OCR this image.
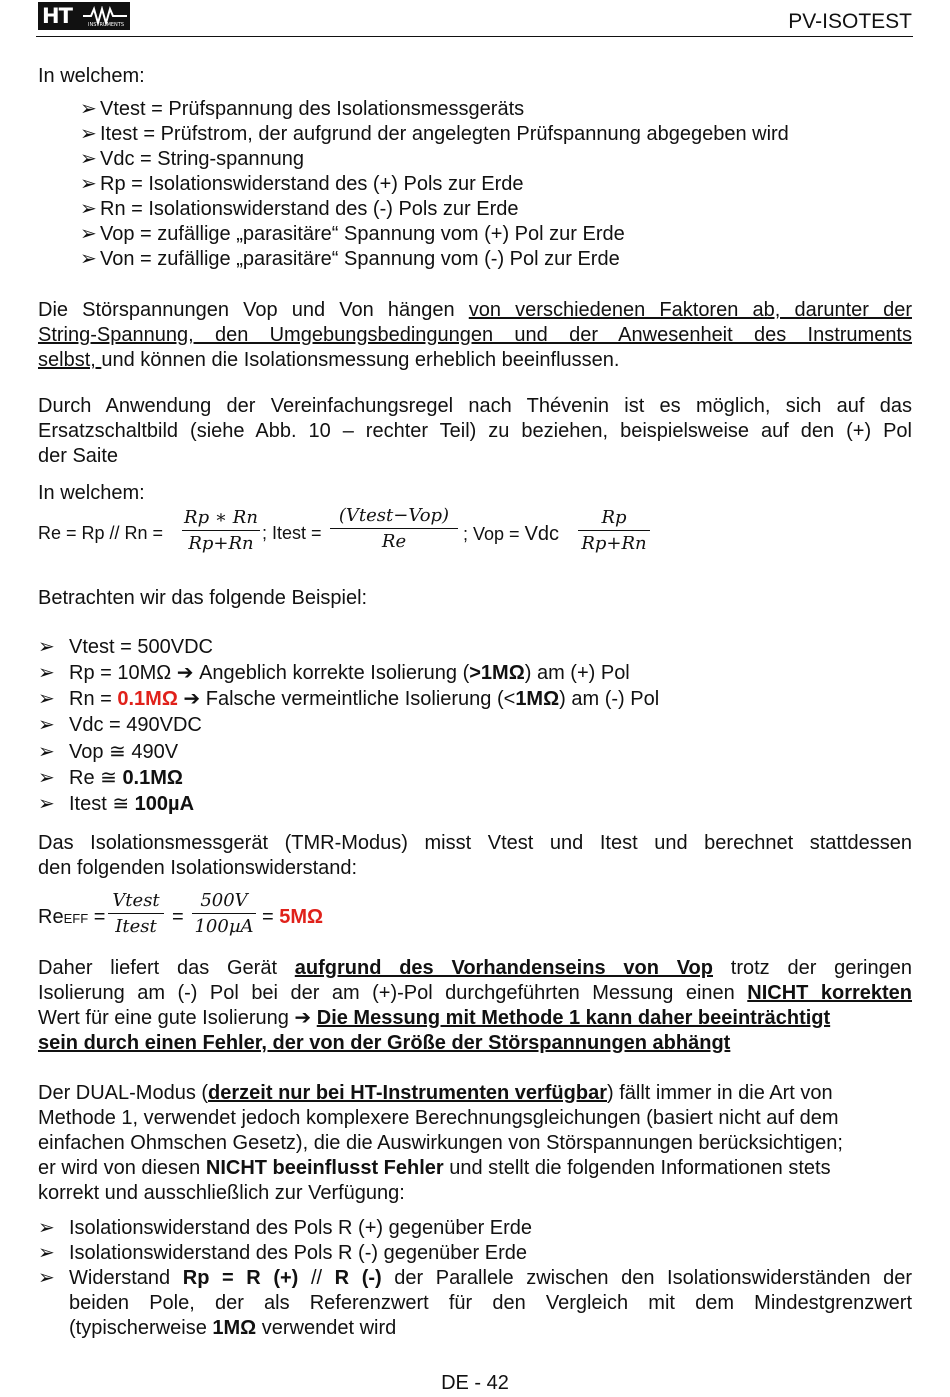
HT	INSTRUMENTS	PV-ISOTEST
In welchem:
➢ Vtest = Prüfspannung des Isolationsmessgeräts
➢ Itest = Prüfstrom, der aufgrund der angelegten Prüfspannung abgegeben wird
➢ Vdc = String-spannung
➢ Rp = Isolationswiderstand des (+) Pols zur Erde
➢ Rn = Isolationswiderstand des (-) Pols zur Erde
➢ Vop = zufällige „parasitäre“ Spannung vom (+) Pol zur Erde
➢ Von = zufällige „parasitäre“ Spannung vom (-) Pol zur Erde
Die Störspannungen Vop und Von hängen von verschiedenen Faktoren ab, darunter der
String-Spannung, den Umgebungsbedingungen und der Anwesenheit des Instruments
selbst, und können die Isolationsmessung erheblich beeinflussen.
Durch Anwendung der Vereinfachungsregel nach Thévenin ist es möglich, sich auf das
Ersatzschaltbild (siehe Abb. 10 – rechter Teil) zu beziehen, beispielsweise auf den (+) Pol
der Saite
In welchem:
Re = Rp // Rn =
Rp ∗ Rn
Rp+Rn ; Itest =
(Vtest−Vop)
Re	; Vop = Vdc
Rp
Rp+Rn
Betrachten wir das folgende Beispiel:
➢ Vtest = 500VDC
➢ Rp = 10MΩ ➔ Angeblich korrekte Isolierung (>1MΩ) am (+) Pol
➢ Rn = 0.1MΩ ➔ Falsche vermeintliche Isolierung (<1MΩ) am (-) Pol
➢ Vdc = 490VDC
➢ Vop ≅ 490V
➢ Re ≅ 0.1MΩ
➢ Itest ≅ 100µA
Das Isolationsmessgerät (TMR-Modus) misst Vtest und Itest und berechnet stattdessen
den folgenden Isolationswiderstand:
ReEFF =
Vtest
Itest =
500V
100µA = 5MΩ
Daher liefert das Gerät aufgrund des Vorhandenseins von Vop trotz der geringen
Isolierung am (-) Pol bei der am (+)-Pol durchgeführten Messung einen NICHT korrekten
Wert für eine gute Isolierung ➔ Die Messung mit Methode 1 kann daher beeinträchtigt
sein durch einen Fehler, der von der Größe der Störspannungen abhängt
Der DUAL-Modus (derzeit nur bei HT-Instrumenten verfügbar) fällt immer in die Art von
Methode 1, verwendet jedoch komplexere Berechnungsgleichungen (basiert nicht auf dem
einfachen Ohmschen Gesetz), die die Auswirkungen von Störspannungen berücksichtigen;
er wird von diesen NICHT beeinflusst Fehler und stellt die folgenden Informationen stets
korrekt und ausschließlich zur Verfügung:
➢ Isolationswiderstand des Pols R (+) gegenüber Erde
➢ Isolationswiderstand des Pols R (-) gegenüber Erde
➢ Widerstand Rp = R (+) // R (-) der Parallele zwischen den Isolationswiderständen der
beiden Pole, der als Referenzwert für den Vergleich mit dem Mindestgrenzwert
(typischerweise 1MΩ verwendet wird
DE - 42
